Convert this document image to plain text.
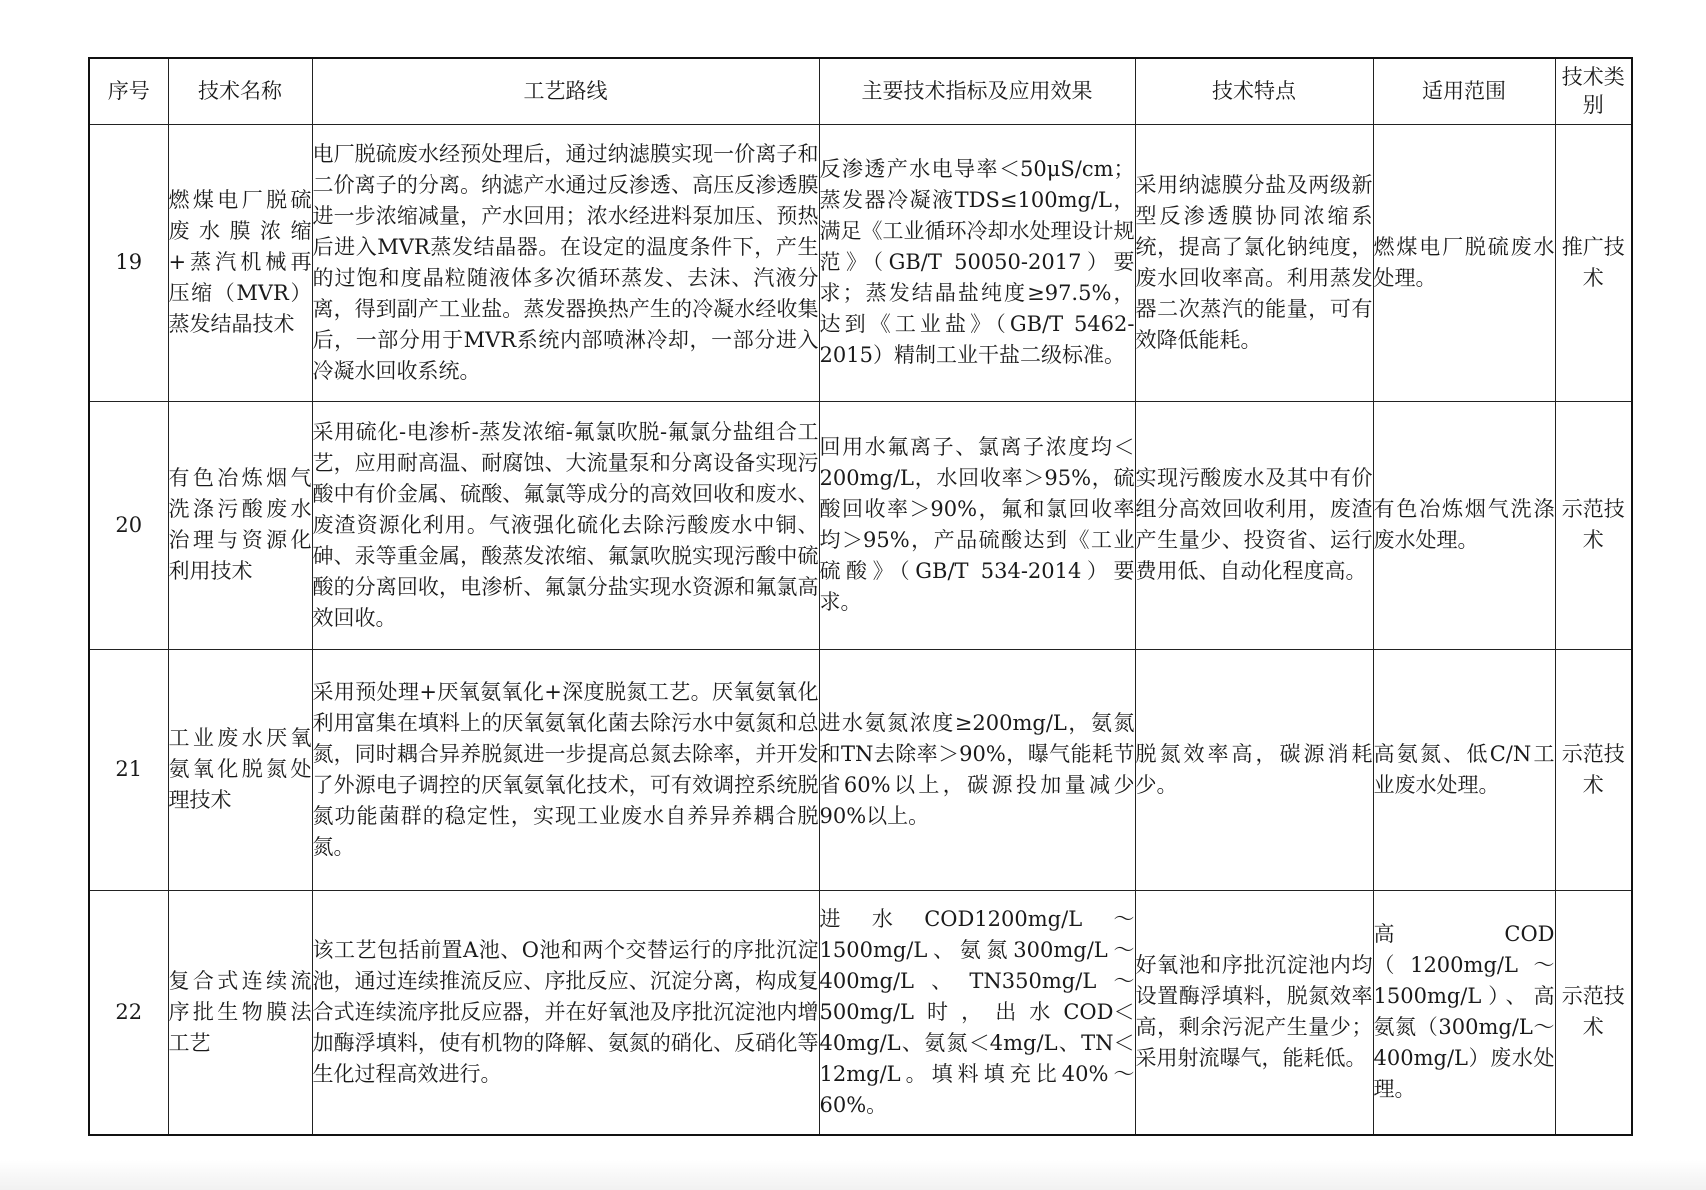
序号	技术名称	工艺路线	主要技术指标及应用效果	技术特点	适用范围	技术类别
19	燃煤电厂脱硫废水膜浓缩+蒸汽机械再压缩（MVR）蒸发结晶技术	电厂脱硫废水经预处理后，通过纳滤膜实现一价离子和二价离子的分离。纳滤产水通过反渗透、高压反渗透膜进一步浓缩减量，产水回用；浓水经进料泵加压、预热后进入MVR蒸发结晶器。在设定的温度条件下，产生的过饱和度晶粒随液体多次循环蒸发、去沫、汽液分离，得到副产工业盐。蒸发器换热产生的冷凝水经收集后，一部分用于MVR系统内部喷淋冷却，一部分进入冷凝水回收系统。	反渗透产水电导率＜50μS/cm；蒸发器冷凝液TDS≤100mg/L，满足《工业循环冷却水处理设计规范》（GB/T 50050-2017）要求；蒸发结晶盐纯度≥97.5%，达到《工业盐》（GB/T 5462-2015）精制工业干盐二级标准。	采用纳滤膜分盐及两级新型反渗透膜协同浓缩系统，提高了氯化钠纯度，废水回收率高。利用蒸发器二次蒸汽的能量，可有效降低能耗。	燃煤电厂脱硫废水处理。	推广技术
20	有色冶炼烟气洗涤污酸废水治理与资源化利用技术	采用硫化-电渗析-蒸发浓缩-氟氯吹脱-氟氯分盐组合工艺，应用耐高温、耐腐蚀、大流量泵和分离设备实现污酸中有价金属、硫酸、氟氯等成分的高效回收和废水、废渣资源化利用。气液强化硫化去除污酸废水中铜、砷、汞等重金属，酸蒸发浓缩、氟氯吹脱实现污酸中硫酸的分离回收，电渗析、氟氯分盐实现水资源和氟氯高效回收。	回用水氟离子、氯离子浓度均＜200mg/L，水回收率＞95%，硫酸回收率＞90%，氟和氯回收率均＞95%，产品硫酸达到《工业硫酸》（GB/T 534-2014）要求。	实现污酸废水及其中有价组分高效回收利用，废渣产生量少、投资省、运行费用低、自动化程度高。	有色冶炼烟气洗涤废水处理。	示范技术
21	工业废水厌氧氨氧化脱氮处理技术	采用预处理+厌氧氨氧化+深度脱氮工艺。厌氧氨氧化利用富集在填料上的厌氧氨氧化菌去除污水中氨氮和总氮，同时耦合异养脱氮进一步提高总氮去除率，并开发了外源电子调控的厌氧氨氧化技术，可有效调控系统脱氮功能菌群的稳定性，实现工业废水自养异养耦合脱氮。	进水氨氮浓度≥200mg/L，氨氮和TN去除率＞90%，曝气能耗节省60%以上，碳源投加量减少90%以上。	脱氮效率高，碳源消耗少。	高氨氮、低C/N工业废水处理。	示范技术
22	复合式连续流序批生物膜法工艺	该工艺包括前置A池、O池和两个交替运行的序批沉淀池，通过连续推流反应、序批反应、沉淀分离，构成复合式连续流序批反应器，并在好氧池及序批沉淀池内增加酶浮填料，使有机物的降解、氨氮的硝化、反硝化等生化过程高效进行。	进水COD1200mg/L～1500mg/L、氨氮300mg/L～400mg/L、TN350mg/L～500mg/L时，出水COD＜40mg/L、氨氮＜4mg/L、TN＜12mg/L。填料填充比40%～60%。	好氧池和序批沉淀池内均设置酶浮填料，脱氮效率高，剩余污泥产生量少；采用射流曝气，能耗低。	高COD（1200mg/L～1500mg/L）、高氨氮（300mg/L～400mg/L）废水处理。	示范技术
